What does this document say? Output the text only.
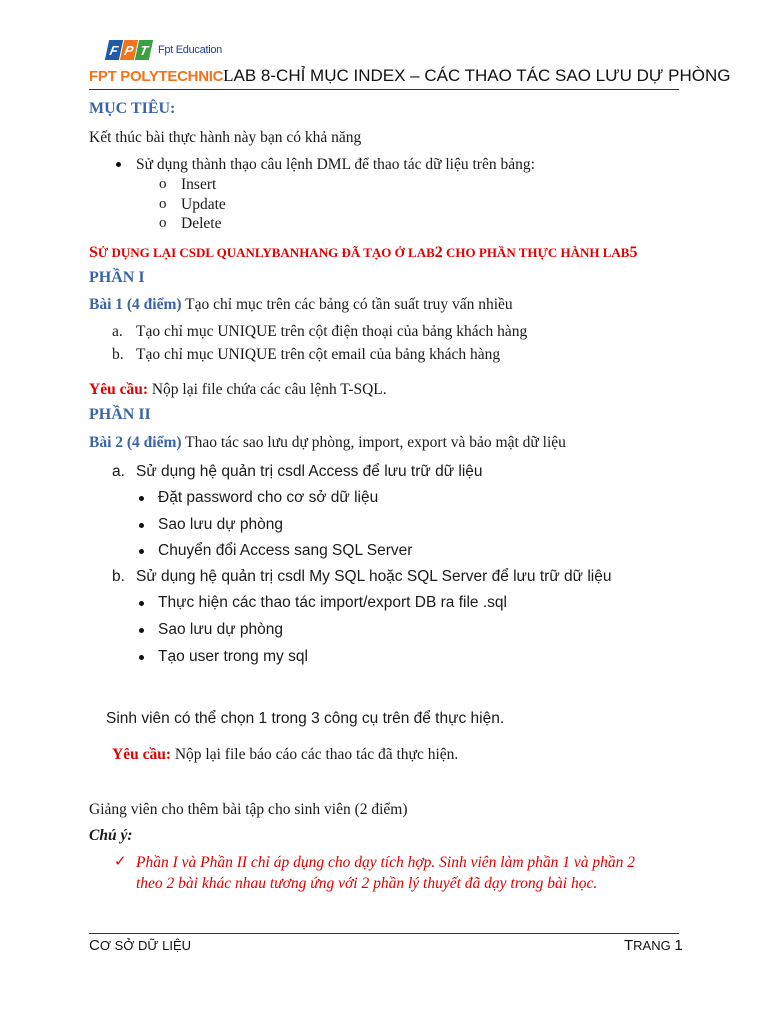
F P T Fpt Education
FPT POLYTECHNICLAB 8-CHỈ MỤC INDEX – CÁC THAO TÁC SAO LƯU DỰ PHÒNG
MỤC TIÊU:
Kết thúc bài thực hành này bạn có khả năng
Sử dụng thành thạo câu lệnh DML để thao tác dữ liệu trên bảng:
o Insert
o Update
o Delete
SỬ DỤNG LẠI CSDL QUANLYBANHANG ĐÃ TẠO Ở LAB2 CHO PHẦN THỰC HÀNH LAB5
PHẦN I
Bài 1 (4 điểm) Tạo chỉ mục trên các bảng có tần suất truy vấn nhiều
a. Tạo chỉ mục UNIQUE trên cột điện thoại của bảng khách hàng
b. Tạo chỉ mục UNIQUE trên cột email của bảng khách hàng
Yêu cầu: Nộp lại file chứa các câu lệnh T-SQL.
PHẦN II
Bài 2 (4 điểm) Thao tác sao lưu dự phòng, import, export và bảo mật dữ liệu
a. Sử dụng hệ quản trị csdl Access để lưu trữ dữ liệu
Đặt password cho cơ sở dữ liệu
Sao lưu dự phòng
Chuyển đổi Access sang SQL Server
b. Sử dụng hệ quản trị csdl My SQL hoặc SQL Server để lưu trữ dữ liệu
Thực hiện các thao tác import/export DB ra file .sql
Sao lưu dự phòng
Tạo user trong my sql
Sinh viên có thể chọn 1 trong 3 công cụ trên để thực hiện.
Yêu cầu: Nộp lại file báo cáo các thao tác đã thực hiện.
Giảng viên cho thêm bài tập cho sinh viên (2 điểm)
Chú ý:
✓ Phần I và Phần II chỉ áp dụng cho dạy tích hợp. Sinh viên làm phần 1 và phần 2
theo 2 bài khác nhau tương ứng với 2 phần lý thuyết đã dạy trong bài học.
CƠ SỞ DỮ LIỆU	TRANG 1
